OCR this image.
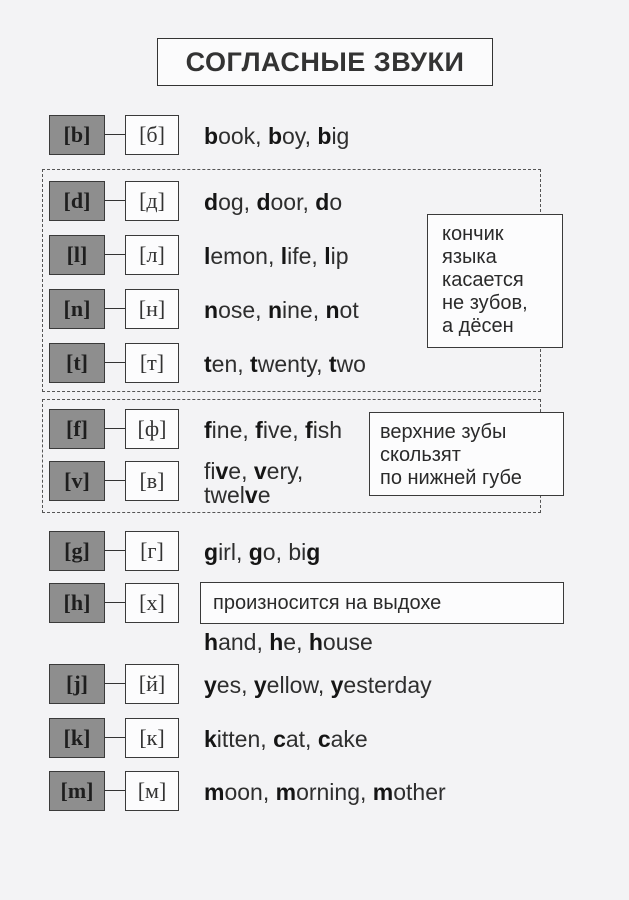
СОГЛАСНЫЕ ЗВУКИ
кончик
языка
касается
не зубов,
а дёсен
верхние зубы
скользят
по нижней губе
[b]	[б]	book, boy, big
[d]	[д]	dog, door, do
[l]	[л]	lemon, life, lip
[n]	[н]	nose, nine, not
[t]	[т]	ten, twenty, two
[f]	[ф]	fine, five, fish
[v]	[в]	five, very,
twelve
[g]	[г]	girl, go, big
[h]	[х]
hand, he, house
[j]	[й]	yes, yellow, yesterday
[k]	[к]	kitten, cat, cake
[m]	[м]	moon, morning, mother
произносится на выдохе
